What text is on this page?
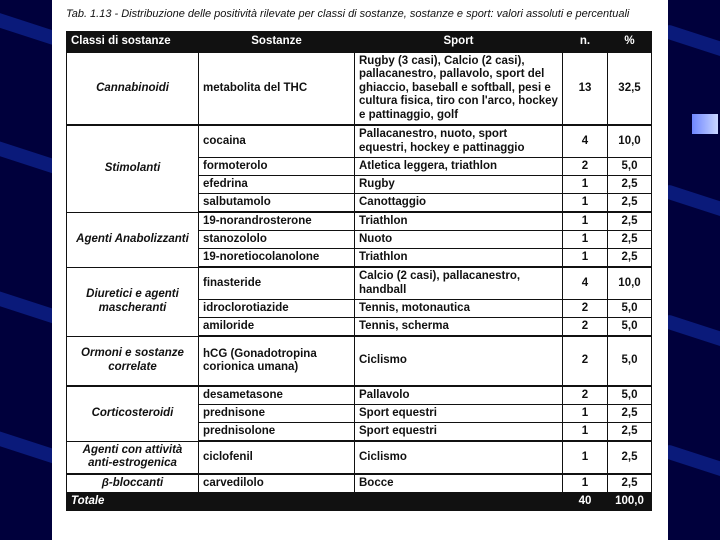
Tab. 1.13 - Distribuzione delle positività rilevate per classi di sostanze, sostanze e sport: valori assoluti e percentuali
Classi di sostanze	Sostanze	Sport	n.	%
Cannabinoidi	metabolita del THC	Rugby (3 casi), Calcio (2 casi), pallacanestro, pallavolo, sport del ghiaccio, baseball e softball, pesi e cultura fisica, tiro con l'arco, hockey e pattinaggio, golf	13	32,5
Stimolanti	cocaina	Pallacanestro, nuoto, sport equestri, hockey e pattinaggio	4	10,0
	formoterolo	Atletica leggera, triathlon	2	5,0
	efedrina	Rugby	1	2,5
	salbutamolo	Canottaggio	1	2,5
Agenti Anabolizzanti	19-norandrosterone	Triathlon	1	2,5
	stanozololo	Nuoto	1	2,5
	19-noretiocolanolone	Triathlon	1	2,5
Diuretici e agenti mascheranti	finasteride	Calcio (2 casi), pallacanestro, handball	4	10,0
	idroclorotiazide	Tennis, motonautica	2	5,0
	amiloride	Tennis, scherma	2	5,0
Ormoni e sostanze correlate	hCG (Gonadotropina corionica umana)	Ciclismo	2	5,0
Corticosteroidi	desametasone	Pallavolo	2	5,0
	prednisone	Sport equestri	1	2,5
	prednisolone	Sport equestri	1	2,5
Agenti con attività anti-estrogenica	ciclofenil	Ciclismo	1	2,5
β-bloccanti	carvedilolo	Bocce	1	2,5
Totale			40	100,0
